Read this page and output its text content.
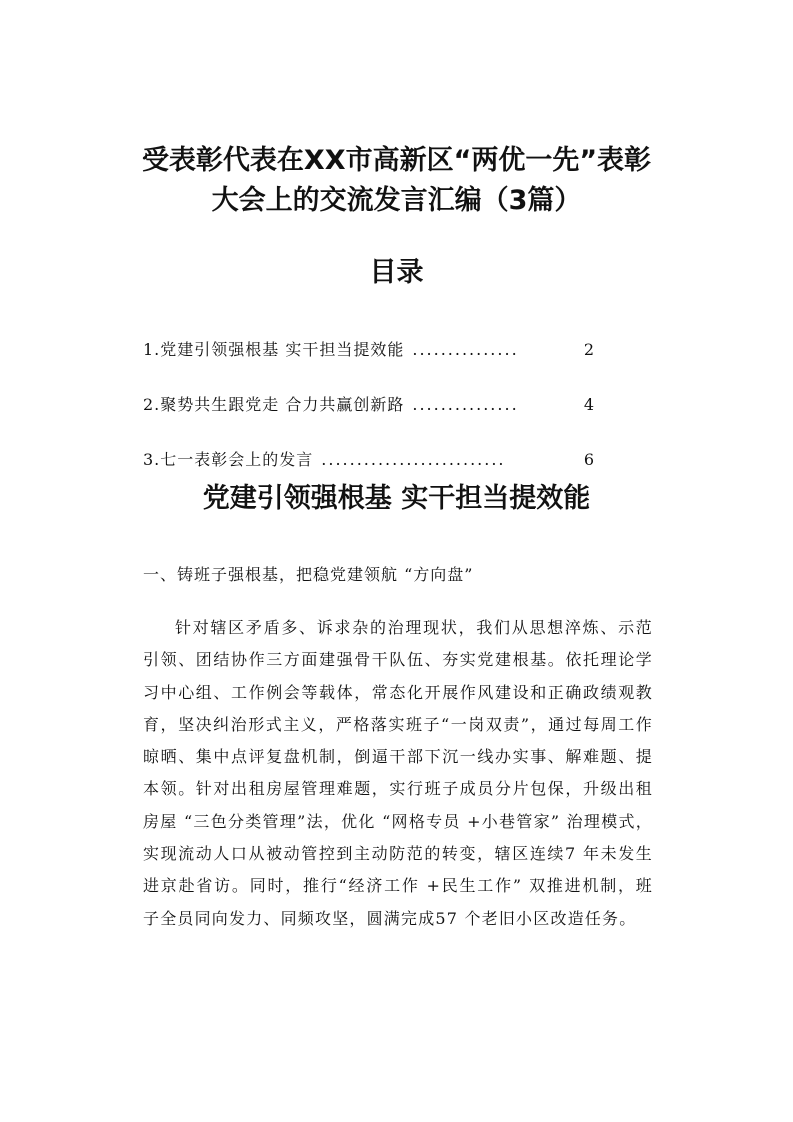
受表彰代表在XX市高新区“两优一先”表彰
大会上的交流发言汇编（3篇）
目录
1.党建引领强根基 实干担当提效能 ...............	2
2.聚势共生跟党走 合力共赢创新路 ...............	4
3.七一表彰会上的发言 ..........................	6
党建引领强根基 实干担当提效能

一、铸班子强根基，把稳党建领航 “方向盘”

针对辖区矛盾多、诉求杂的治理现状，我们从思想淬炼、示范引领、团结协作三方面建强骨干队伍、夯实党建根基。依托理论学习中心组、工作例会等载体，常态化开展作风建设和正确政绩观教育，坚决纠治形式主义，严格落实班子“一岗双责”，通过每周工作晾晒、集中点评复盘机制，倒逼干部下沉一线办实事、解难题、提本领。针对出租房屋管理难题，实行班子成员分片包保，升级出租房屋 “三色分类管理”法，优化 “网格专员 +小巷管家” 治理模式，实现流动人口从被动管控到主动防范的转变，辖区连续7 年未发生进京赴省访。同时，推行“经济工作 +民生工作” 双推进机制，班子全员同向发力、同频攻坚，圆满完成57 个老旧小区改造任务。
